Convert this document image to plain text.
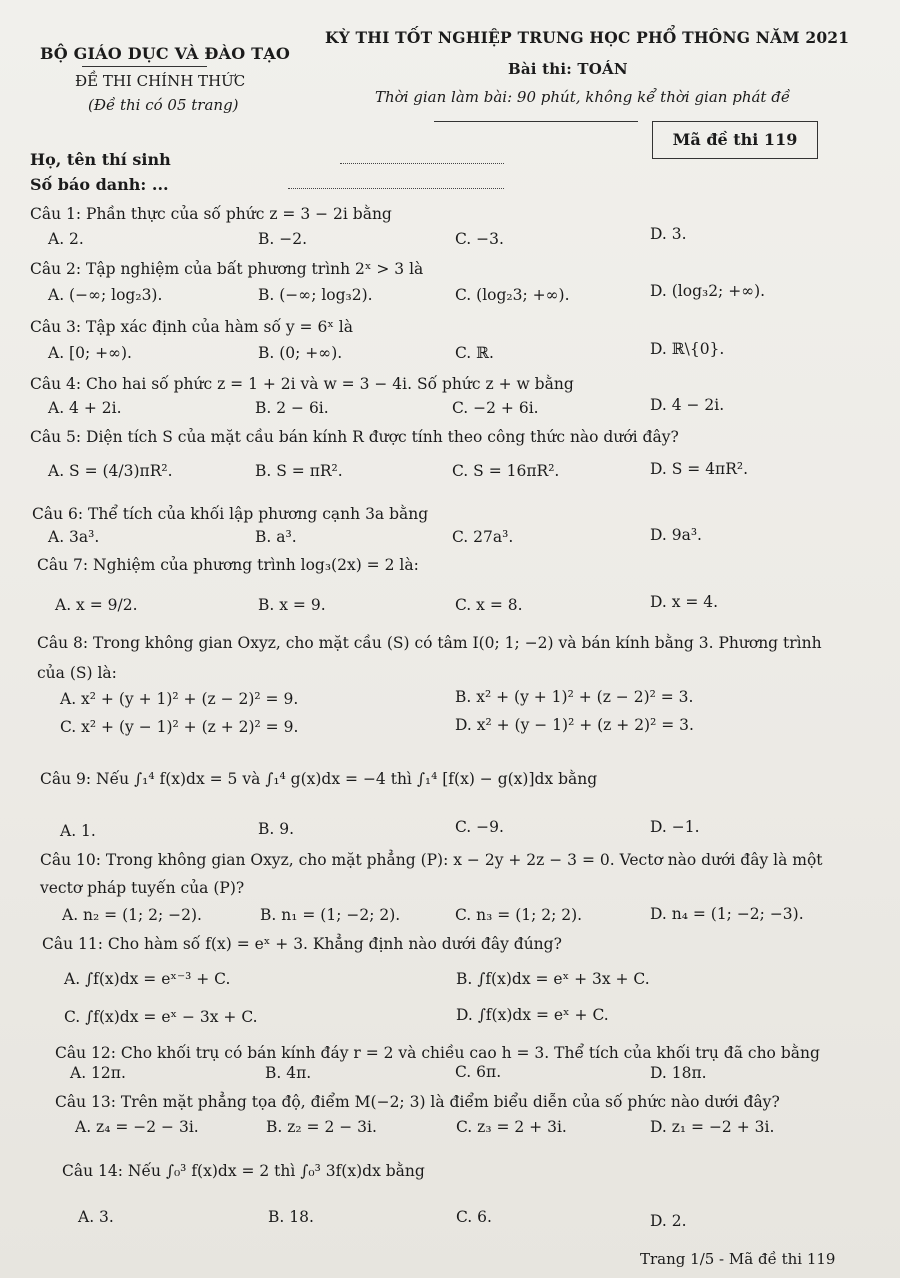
BỘ GIÁO DỤC VÀ ĐÀO TẠO
ĐỀ THI CHÍNH THỨC
(Đề thi có 05 trang)
KỲ THI TỐT NGHIỆP TRUNG HỌC PHỔ THÔNG NĂM 2021
Bài thi: TOÁN
Thời gian làm bài: 90 phút, không kể thời gian phát đề
Mã đề thi 119
Họ, tên thí sinh
Số báo danh: ...
Câu 1: Phần thực của số phức z = 3 − 2i bằng
A. 2.	B. −2.	C. −3.	D. 3.
Câu 2: Tập nghiệm của bất phương trình 2ˣ > 3 là
A. (−∞; log₂3).	B. (−∞; log₃2).	C. (log₂3; +∞).	D. (log₃2; +∞).
Câu 3: Tập xác định của hàm số y = 6ˣ là
A. [0; +∞).	B. (0; +∞).	C. ℝ.	D. ℝ\{0}.
Câu 4: Cho hai số phức z = 1 + 2i và w = 3 − 4i. Số phức z + w bằng
A. 4 + 2i.	B. 2 − 6i.	C. −2 + 6i.	D. 4 − 2i.
Câu 5: Diện tích S của mặt cầu bán kính R được tính theo công thức nào dưới đây?
A. S = (4/3)πR².	B. S = πR².	C. S = 16πR².	D. S = 4πR².
Câu 6: Thể tích của khối lập phương cạnh 3a bằng
A. 3a³.	B. a³.	C. 27a³.	D. 9a³.
Câu 7: Nghiệm của phương trình log₃(2x) = 2 là:
A. x = 9/2.	B. x = 9.	C. x = 8.	D. x = 4.
Câu 8: Trong không gian Oxyz, cho mặt cầu (S) có tâm I(0; 1; −2) và bán kính bằng 3. Phương trình
của (S) là:
A. x² + (y + 1)² + (z − 2)² = 9.	B. x² + (y + 1)² + (z − 2)² = 3.
C. x² + (y − 1)² + (z + 2)² = 9.	D. x² + (y − 1)² + (z + 2)² = 3.
Câu 9: Nếu ∫₁⁴ f(x)dx = 5 và ∫₁⁴ g(x)dx = −4 thì ∫₁⁴ [f(x) − g(x)]dx bằng
A. 1.	B. 9.	C. −9.	D. −1.
Câu 10: Trong không gian Oxyz, cho mặt phẳng (P): x − 2y + 2z − 3 = 0. Vectơ nào dưới đây là một
vectơ pháp tuyến của (P)?
A. n₂ = (1; 2; −2).	B. n₁ = (1; −2; 2).	C. n₃ = (1; 2; 2).	D. n₄ = (1; −2; −3).
Câu 11: Cho hàm số f(x) = eˣ + 3. Khẳng định nào dưới đây đúng?
A. ∫f(x)dx = eˣ⁻³ + C.	B. ∫f(x)dx = eˣ + 3x + C.
C. ∫f(x)dx = eˣ − 3x + C.	D. ∫f(x)dx = eˣ + C.
Câu 12: Cho khối trụ có bán kính đáy r = 2 và chiều cao h = 3. Thể tích của khối trụ đã cho bằng
A. 12π.	B. 4π.	C. 6π.	D. 18π.
Câu 13: Trên mặt phẳng tọa độ, điểm M(−2; 3) là điểm biểu diễn của số phức nào dưới đây?
A. z₄ = −2 − 3i.	B. z₂ = 2 − 3i.	C. z₃ = 2 + 3i.	D. z₁ = −2 + 3i.
Câu 14: Nếu ∫₀³ f(x)dx = 2 thì ∫₀³ 3f(x)dx bằng
A. 3.	B. 18.	C. 6.	D. 2.
Trang 1/5 - Mã đề thi 119
